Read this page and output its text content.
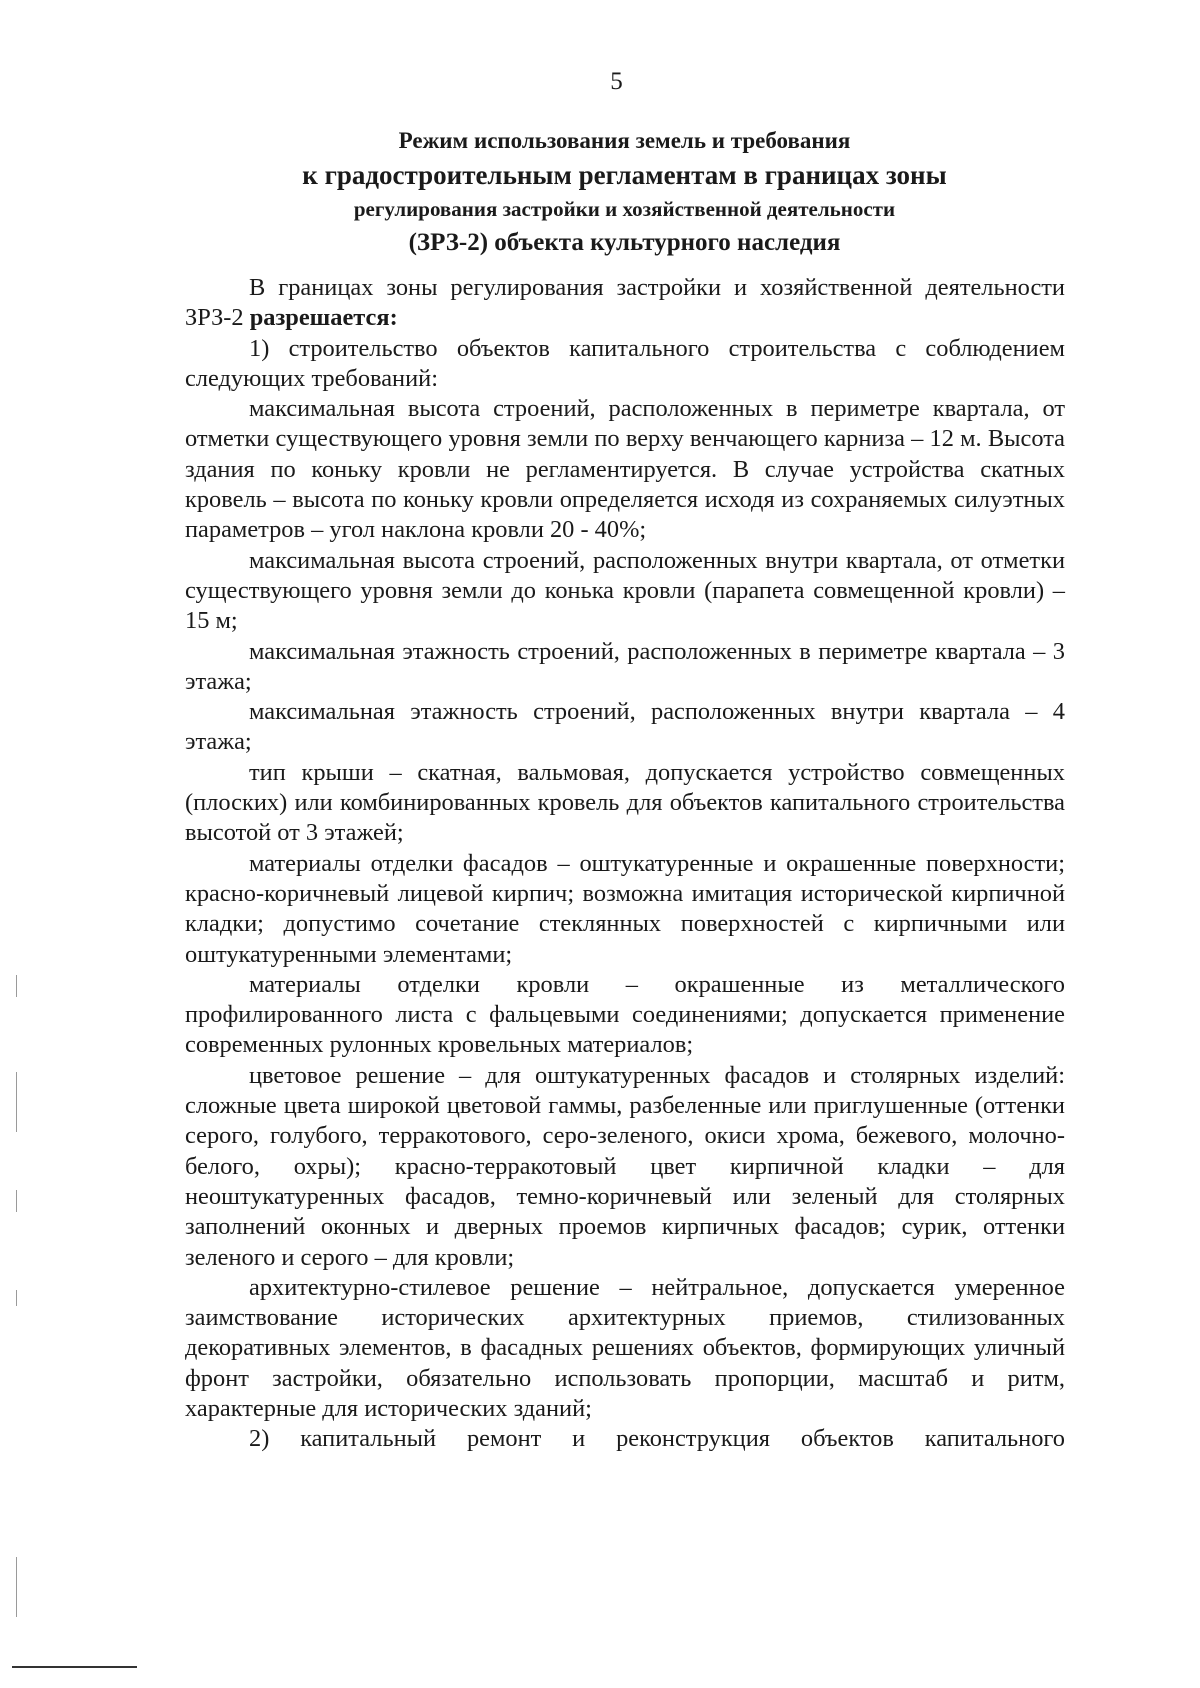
5
Режим использования земель и требования
к градостроительным регламентам в границах зоны
регулирования застройки и хозяйственной деятельности
(ЗРЗ-2) объекта культурного наследия

В границах зоны регулирования застройки и хозяйственной деятельности ЗРЗ-2 разрешается:

1) строительство объектов капитального строительства с соблюдением следующих требований:

максимальная высота строений, расположенных в периметре квартала, от отметки существующего уровня земли по верху венчающего карниза – 12 м. Высота здания по коньку кровли не регламентируется. В случае устройства скатных кровель – высота по коньку кровли определяется исходя из сохраняемых силуэтных параметров – угол наклона кровли 20 - 40%;

максимальная высота строений, расположенных внутри квартала, от отметки существующего уровня земли до конька кровли (парапета совмещенной кровли) – 15 м;

максимальная этажность строений, расположенных в периметре квартала – 3 этажа;

максимальная этажность строений, расположенных внутри квартала – 4 этажа;

тип крыши – скатная, вальмовая, допускается устройство совмещенных (плоских) или комбинированных кровель для объектов капитального строительства высотой от 3 этажей;

материалы отделки фасадов – оштукатуренные и окрашенные поверхности; красно-коричневый лицевой кирпич; возможна имитация исторической кирпичной кладки; допустимо сочетание стеклянных поверхностей с кирпичными или оштукатуренными элементами;

материалы отделки кровли – окрашенные из металлического профилированного листа с фальцевыми соединениями; допускается применение современных рулонных кровельных материалов;

цветовое решение – для оштукатуренных фасадов и столярных изделий: сложные цвета широкой цветовой гаммы, разбеленные или приглушенные (оттенки серого, голубого, терракотового, серо-зеленого, окиси хрома, бежевого, молочно-белого, охры); красно-терракотовый цвет кирпичной кладки – для неоштукатуренных фасадов, темно-коричневый или зеленый для столярных заполнений оконных и дверных проемов кирпичных фасадов; сурик, оттенки зеленого и серого – для кровли;

архитектурно-стилевое решение – нейтральное, допускается умеренное заимствование исторических архитектурных приемов, стилизованных декоративных элементов, в фасадных решениях объектов, формирующих уличный фронт застройки, обязательно использовать пропорции, масштаб и ритм, характерные для исторических зданий;

2) капитальный ремонт и реконструкция объектов капитального
